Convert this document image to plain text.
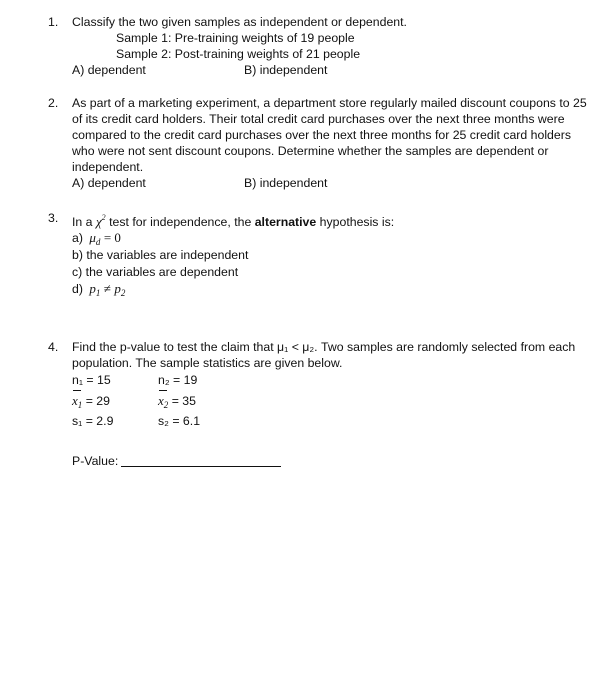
1. Classify the two given samples as independent or dependent.
Sample 1: Pre-training weights of 19 people
Sample 2: Post-training weights of 21 people
A) dependent	B) independent
2. As part of a marketing experiment, a department store regularly mailed discount coupons to 25
of its credit card holders. Their total credit card purchases over the next three months were
compared to the credit card purchases over the next three months for 25 credit card holders
who were not sent discount coupons. Determine whether the samples are dependent or
independent.
A) dependent	B) independent
3. In a $\chi^2$ test for independence, the alternative hypothesis is:
a) $\mu_d = 0$
b) the variables are independent
c) the variables are dependent
d) $p_1 \ne p_2$
4. Find the p-value to test the claim that μ₁ < μ₂. Two samples are randomly selected from each
population. The sample statistics are given below.
n₁ = 15	n₂ = 19
$x_1 = 29$	$x_2 = 35$
s₁ = 2.9	s₂ = 6.1
P-Value:
